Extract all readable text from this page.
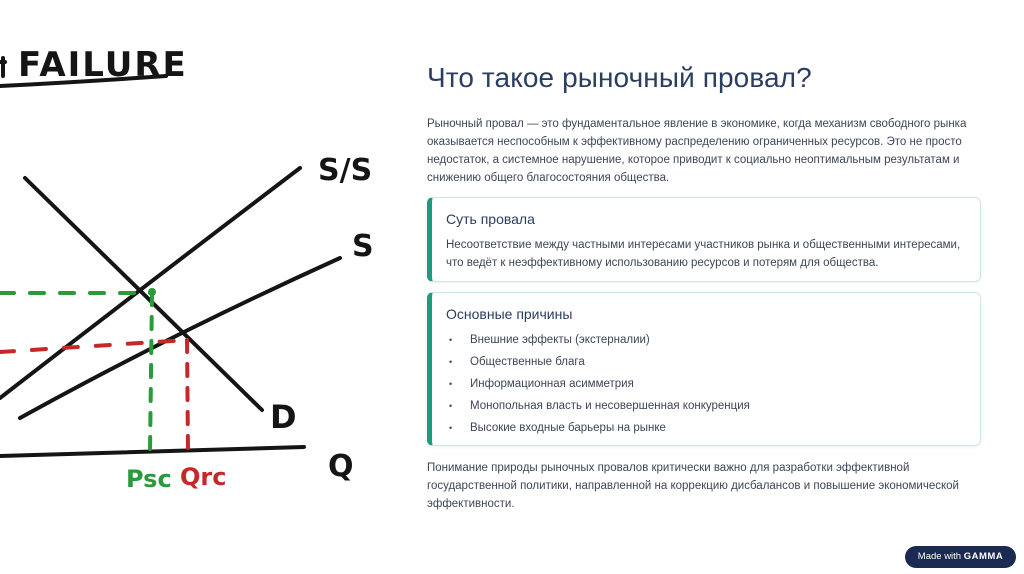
FAILURE
S/S
S
D
Q
Psc Qrc
Что такое рыночный провал?

Рыночный провал — это фундаментальное явление в экономике, когда механизм свободного рынка оказывается неспособным к эффективному распределению ограниченных ресурсов. Это не просто недостаток, а системное нарушение, которое приводит к социально неоптимальным результатам и снижению общего благосостояния общества.

Суть провала

Несоответствие между частными интересами участников рынка и общественными интересами, что ведёт к неэффективному использованию ресурсов и потерям для общества.

Основные причины
• Внешние эффекты (экстерналии)
• Общественные блага
• Информационная асимметрия
• Монопольная власть и несовершенная конкуренция
• Высокие входные барьеры на рынке

Понимание природы рыночных провалов критически важно для разработки эффективной государственной политики, направленной на коррекцию дисбалансов и повышение экономической эффективности.

Made with GAMMA
